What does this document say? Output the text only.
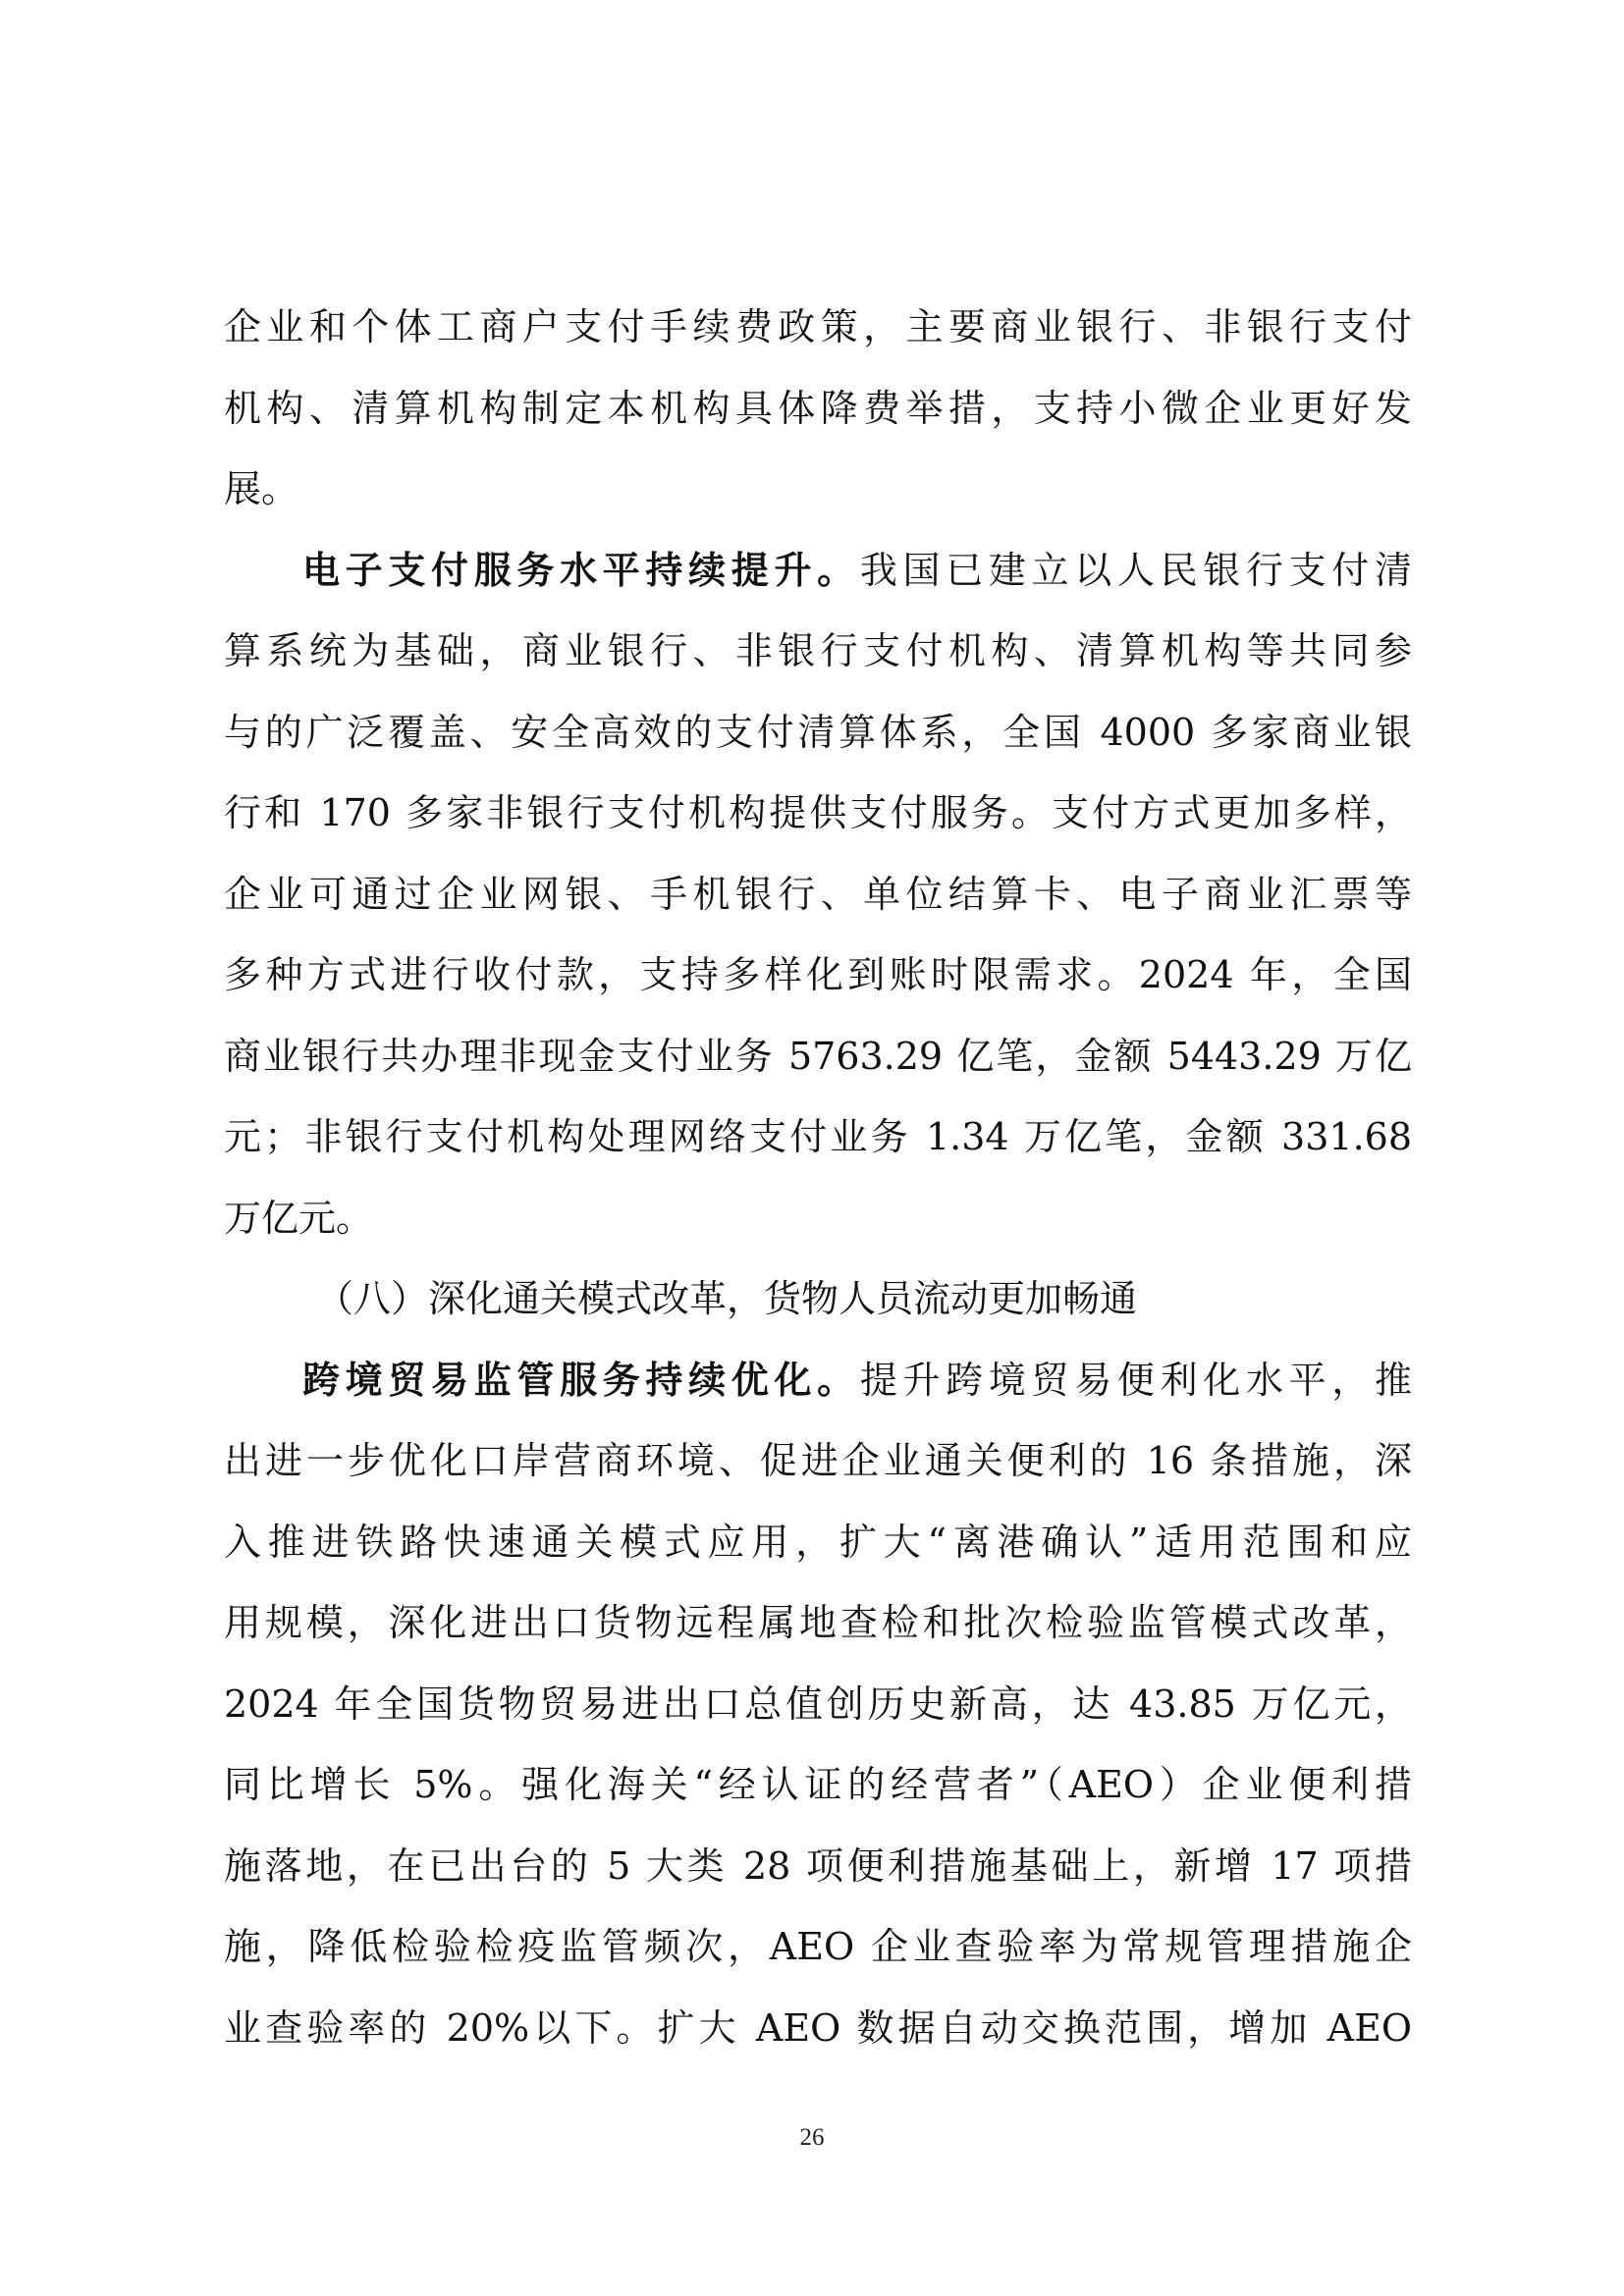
企业和个体工商户支付手续费政策，主要商业银行、非银行支付
机构、清算机构制定本机构具体降费举措，支持小微企业更好发
展。
电子支付服务水平持续提升。我国已建立以人民银行支付清
算系统为基础，商业银行、非银行支付机构、清算机构等共同参
与的广泛覆盖、安全高效的支付清算体系，全国 4000 多家商业银
行和 170 多家非银行支付机构提供支付服务。支付方式更加多样，
企业可通过企业网银、手机银行、单位结算卡、电子商业汇票等
多种方式进行收付款，支持多样化到账时限需求。2024 年，全国
商业银行共办理非现金支付业务 5763.29 亿笔，金额 5443.29 万亿
元；非银行支付机构处理网络支付业务 1.34 万亿笔，金额 331.68
万亿元。
（八）深化通关模式改革，货物人员流动更加畅通
跨境贸易监管服务持续优化。提升跨境贸易便利化水平，推
出进一步优化口岸营商环境、促进企业通关便利的 16 条措施，深
入推进铁路快速通关模式应用，扩大“离港确认”适用范围和应
用规模，深化进出口货物远程属地查检和批次检验监管模式改革，
2024 年全国货物贸易进出口总值创历史新高，达 43.85 万亿元，
同比增长 5%。强化海关“经认证的经营者”（AEO）企业便利措
施落地，在已出台的 5 大类 28 项便利措施基础上，新增 17 项措
施，降低检验检疫监管频次，AEO 企业查验率为常规管理措施企
业查验率的 20%以下。扩大 AEO 数据自动交换范围，增加 AEO
26
